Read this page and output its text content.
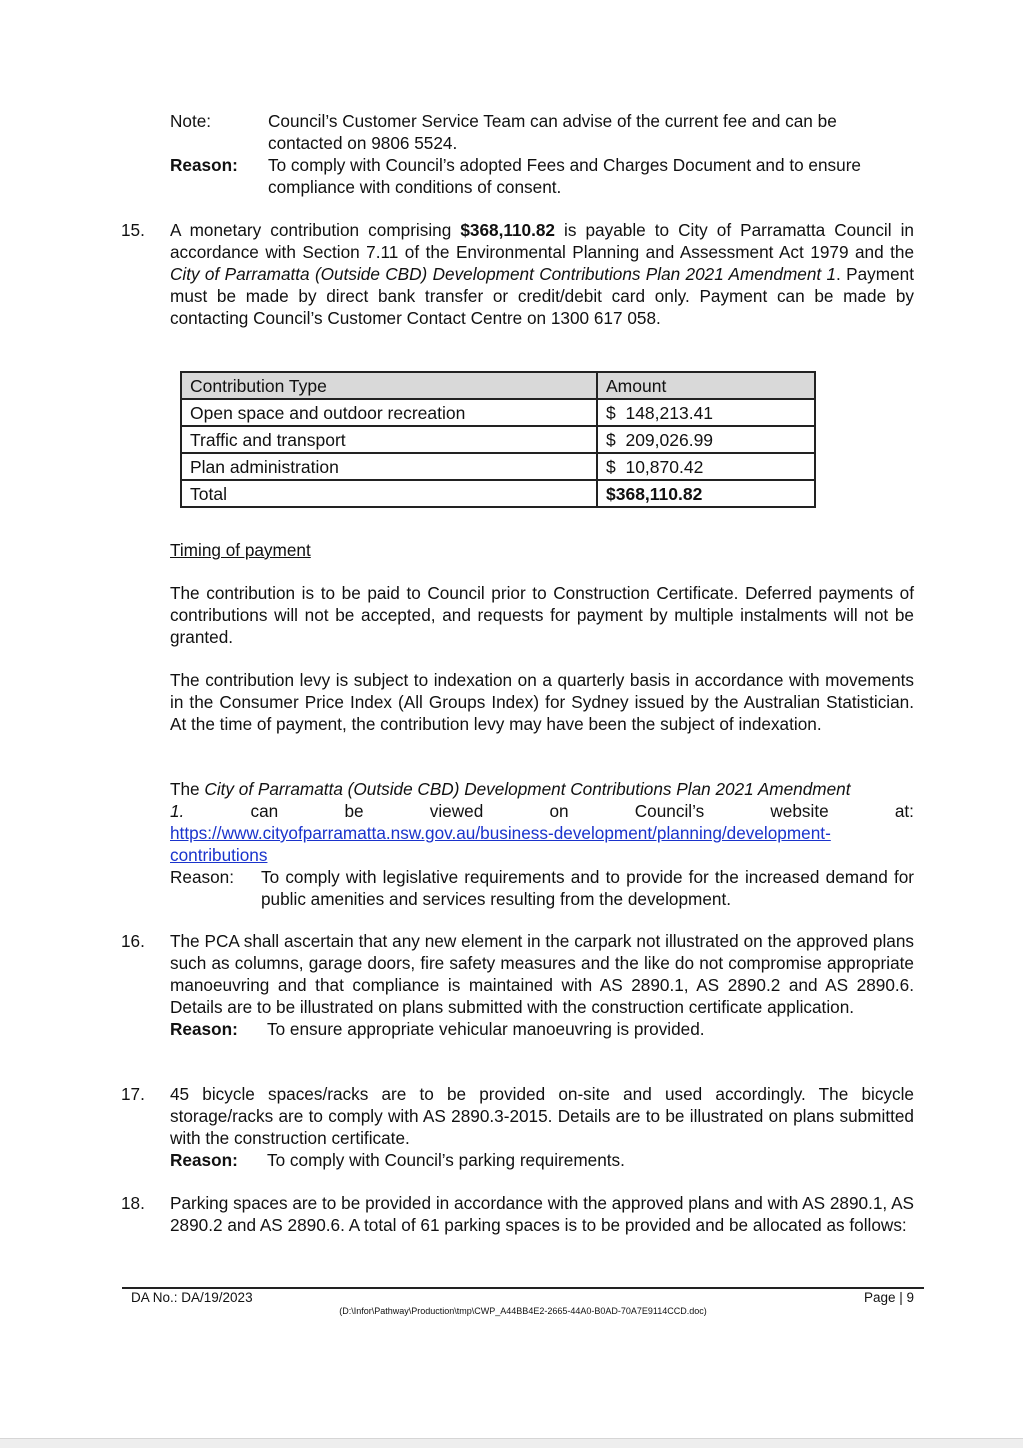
Note:	Council’s Customer Service Team can advise of the current fee and can be contacted on 9806 5524.
Reason:	To comply with Council’s adopted Fees and Charges Document and to ensure compliance with conditions of consent.
15.	A monetary contribution comprising $368,110.82 is payable to City of Parramatta Council in accordance with Section 7.11 of the Environmental Planning and Assessment Act 1979 and the City of Parramatta (Outside CBD) Development Contributions Plan 2021 Amendment 1. Payment must be made by direct bank transfer or credit/debit card only. Payment can be made by contacting Council’s Customer Contact Centre on 1300 617 058.
Contribution Type	Amount
Open space and outdoor recreation	$  148,213.41
Traffic and transport	$  209,026.99
Plan administration	$  10,870.42
Total	$368,110.82
Timing of payment
The contribution is to be paid to Council prior to Construction Certificate. Deferred payments of contributions will not be accepted, and requests for payment by multiple instalments will not be granted.
The contribution levy is subject to indexation on a quarterly basis in accordance with movements in the Consumer Price Index (All Groups Index) for Sydney issued by the Australian Statistician. At the time of payment, the contribution levy may have been the subject of indexation.
The City of Parramatta (Outside CBD) Development Contributions Plan 2021 Amendment
1.	can	be	viewed	on	Council’s	website	at:
https://www.cityofparramatta.nsw.gov.au/business-development/planning/development-
contributions
Reason:	To comply with legislative requirements and to provide for the increased demand for public amenities and services resulting from the development.
16.	The PCA shall ascertain that any new element in the carpark not illustrated on the approved plans such as columns, garage doors, fire safety measures and the like do not compromise appropriate manoeuvring and that compliance is maintained with AS 2890.1, AS 2890.2 and AS 2890.6. Details are to be illustrated on plans submitted with the construction certificate application.
Reason:	To ensure appropriate vehicular manoeuvring is provided.
17.	45 bicycle spaces/racks are to be provided on-site and used accordingly. The bicycle storage/racks are to comply with AS 2890.3-2015. Details are to be illustrated on plans submitted with the construction certificate.
Reason:	To comply with Council’s parking requirements.
18.	Parking spaces are to be provided in accordance with the approved plans and with AS 2890.1, AS 2890.2 and AS 2890.6. A total of 61 parking spaces is to be provided and be allocated as follows:
DA No.: DA/19/2023	Page | 9
(D:\Infor\Pathway\Production\tmp\CWP_A44BB4E2-2665-44A0-B0AD-70A7E9114CCD.doc)
